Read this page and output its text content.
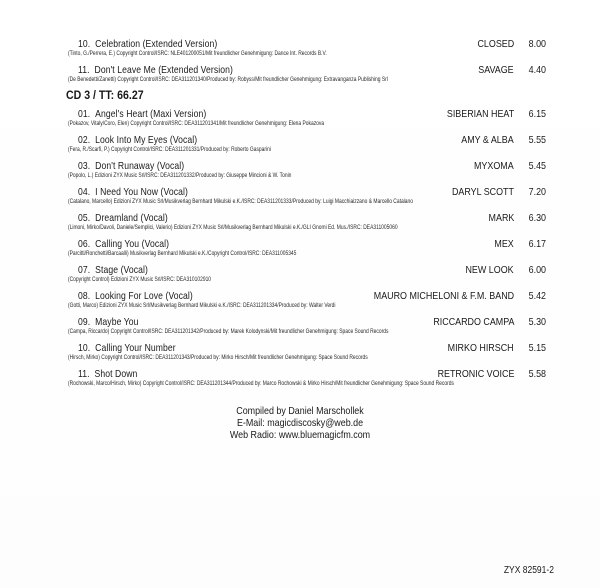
10. Celebration (Extended Version)
(Tinto, G./Perrera, E.) Copyright Control/ISRC: NLE401200051/Mit freundlicher Genehmigung: Dance Int. Records B.V.
CLOSED	8.00
11. Don't Leave Me (Extended Version)
(De Benedetti/Zanetti) Copyright Control/ISRC: DEA311201340/Produced by: Robyss/Mit freundlicher Genehmigung: Extravanganza Publishing Srl
SAVAGE	4.40
CD 3 / TT: 66.27
01. Angel's Heart (Maxi Version)
(Pokazov, Vitaly/Coro, Elen) Copyright Control/ISRC: DEA311201341/Mit freundlicher Genehmigung: Elena Pokazova
SIBERIAN HEAT	6.15
02. Look Into My Eyes (Vocal)
(Fera, R./Scarfi, P.) Copyright Control/ISRC: DEA311201331/Produced by: Roberto Gasparini
AMY & ALBA	5.55
03. Don't Runaway (Vocal)
(Popolo, L.) Edizioni ZYX Music Srl/ISRC: DEA311201332/Produced by: Giuseppe Mincioni & W. Tonin
MYXOMA	5.45
04. I Need You Now (Vocal)
(Catalano, Marcello) Edizioni ZYX Music Srl/Musikverlag Bernhard Mikulski e.K./ISRC: DEA311201333/Produced by: Luigi Macchiaizzano & Marcello Catalano
DARYL SCOTT	7.20
05. Dreamland (Vocal)
(Limoni, Mirko/Davoli, Daniele/Semplici, Valerio) Edizioni ZYX Music Srl/Musikverlag Bernhard Mikulski e.K./GLI Gnomi Ed. Mus./ISRC: DEA311005060
MARK	6.30
06. Calling You (Vocal)
(Parcitti/Ronchetti/Barcaalli) Musikverlag Bernhard Mikulski e.K./Copyright Control/ISRC: DEA311005345
MEX	6.17
07. Stage (Vocal)
(Copyright Control) Edizioni ZYX Music Srl/ISRC: DEA310102910
NEW LOOK	6.00
08. Looking For Love (Vocal)
(Gotti, Marco) Edizioni ZYX Music Srl/Musikverlag Bernhard Mikulski e.K./ISRC: DEA311201334/Produced by: Walter Verdi
MAURO MICHELONI & F.M. BAND	5.42
09. Maybe You
(Campa, Riccardo) Copyright Control/ISRC: DEA311201342/Produced by: Marek Kolodynski/Mit freundlicher Genehmigung: Space Sound Records
RICCARDO CAMPA	5.30
10. Calling Your Number
(Hirsch, Mirko) Copyright Control/ISRC: DEA311201343/Produced by: Mirko Hirsch/Mit freundlicher Genehmigung: Space Sound Records
MIRKO HIRSCH	5.15
11. Shot Down
(Rochowski, Marco/Hirsch, Mirko) Copyright Control/ISRC: DEA311201344/Produced by: Marco Rochowski & Mirko Hirsch/Mit freundlicher Genehmigung: Space Sound Records
RETRONIC VOICE	5.58
Compiled by Daniel Marschollek
E-Mail: magicdiscosky@web.de
Web Radio: www.bluemagicfm.com
ZYX 82591-2
